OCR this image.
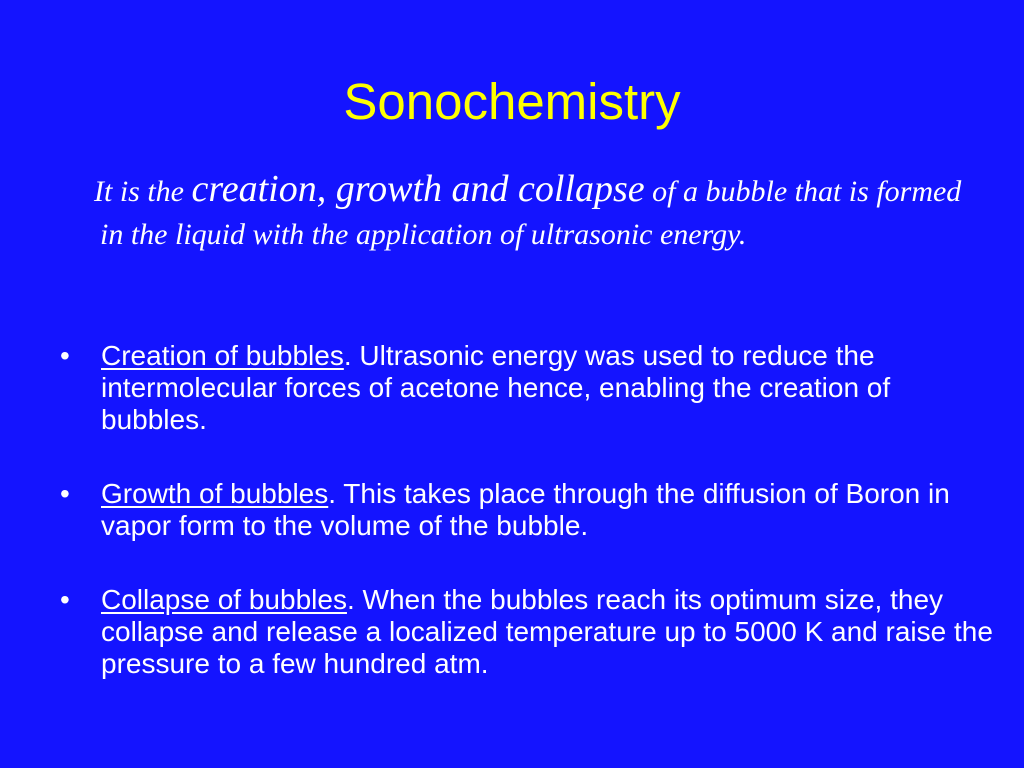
Sonochemistry

It is the creation, growth and collapse of a bubble that is formed in the liquid with the application of ultrasonic energy.

•	Creation of bubbles. Ultrasonic energy was used to reduce the intermolecular forces of acetone hence, enabling the creation of bubbles.
•	Growth of bubbles. This takes place through the diffusion of Boron in vapor form to the volume of the bubble.
•	Collapse of bubbles. When the bubbles reach its optimum size, they collapse and release a localized temperature up to 5000 K and raise the pressure to a few hundred atm.
